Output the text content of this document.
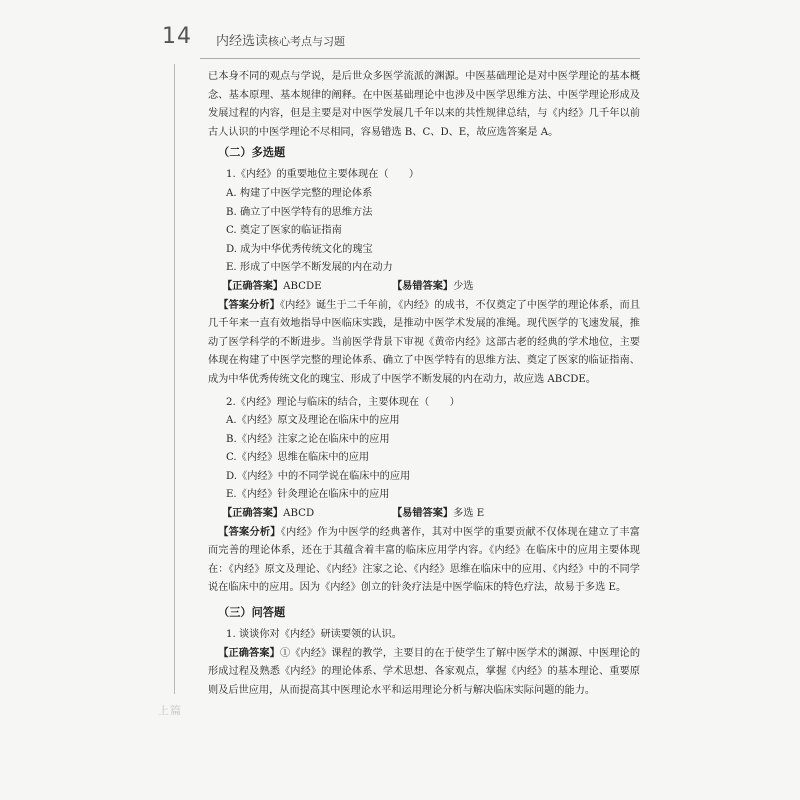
14 内经选读核心考点与习题
上篇

已本身不同的观点与学说，是后世众多医学流派的渊源。中医基础理论是对中医学理论的基本概念、基本原理、基本规律的阐释。在中医基础理论中也涉及中医学思维方法、中医学理论形成及发展过程的内容，但是主要是对中医学发展几千年以来的共性规律总结，与《内经》几千年以前古人认识的中医学理论不尽相同，容易错选 B、C、D、E，故应选答案是 A。

（二）多选题
1.《内经》的重要地位主要体现在（　　）
A. 构建了中医学完整的理论体系
B. 确立了中医学特有的思维方法
C. 奠定了医家的临证指南
D. 成为中华优秀传统文化的瑰宝
E. 形成了中医学不断发展的内在动力
【正确答案】ABCDE	【易错答案】少选

【答案分析】《内经》诞生于二千年前，《内经》的成书，不仅奠定了中医学的理论体系，而且几千年来一直有效地指导中医临床实践，是推动中医学术发展的准绳。现代医学的飞速发展，推动了医学科学的不断进步。当前医学背景下审视《黄帝内经》这部古老的经典的学术地位，主要体现在构建了中医学完整的理论体系、确立了中医学特有的思维方法、奠定了医家的临证指南、成为中华优秀传统文化的瑰宝、形成了中医学不断发展的内在动力，故应选 ABCDE。

2.《内经》理论与临床的结合，主要体现在（　　）
A.《内经》原文及理论在临床中的应用
B.《内经》注家之论在临床中的应用
C.《内经》思维在临床中的应用
D.《内经》中的不同学说在临床中的应用
E.《内经》针灸理论在临床中的应用
【正确答案】ABCD	【易错答案】多选 E

【答案分析】《内经》作为中医学的经典著作，其对中医学的重要贡献不仅体现在建立了丰富而完善的理论体系，还在于其蕴含着丰富的临床应用学内容。《内经》在临床中的应用主要体现在：《内经》原文及理论、《内经》注家之论、《内经》思维在临床中的应用、《内经》中的不同学说在临床中的应用。因为《内经》创立的针灸疗法是中医学临床的特色疗法，故易于多选 E。

（三）问答题
1. 谈谈你对《内经》研读要领的认识。

【正确答案】①《内经》课程的教学，主要目的在于使学生了解中医学术的渊源、中医理论的形成过程及熟悉《内经》的理论体系、学术思想、各家观点，掌握《内经》的基本理论、重要原则及后世应用，从而提高其中医理论水平和运用理论分析与解决临床实际问题的能力。
